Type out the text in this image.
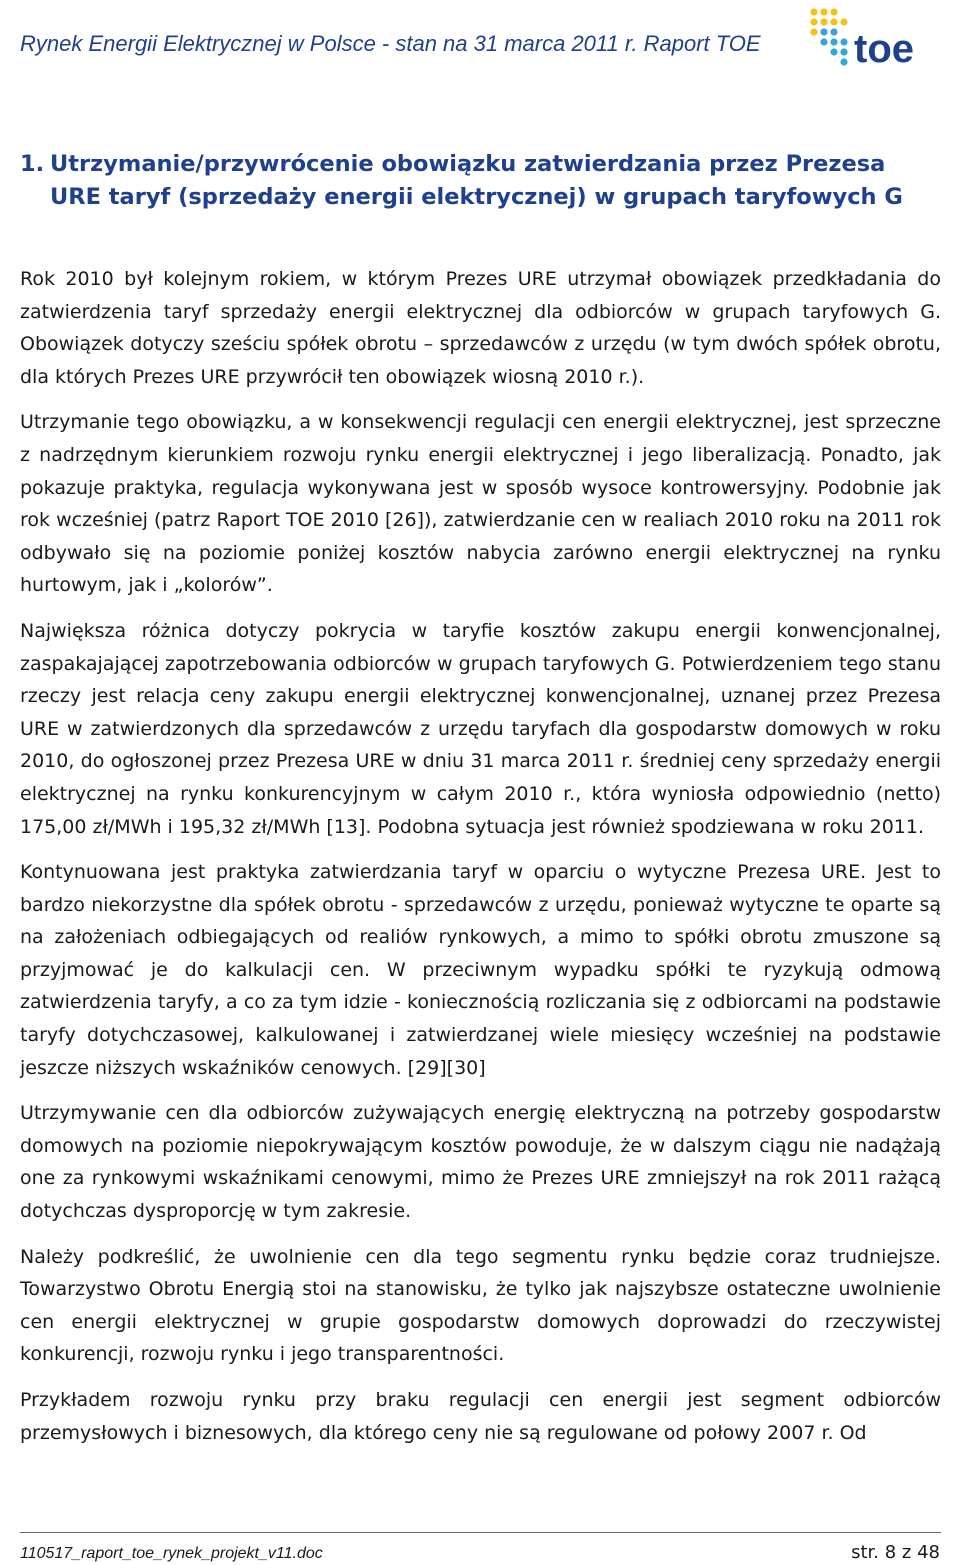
Rynek Energii Elektrycznej w Polsce - stan na 31 marca 2011 r. Raport TOE toe
1. Utrzymanie/przywrócenie obowiązku zatwierdzania przez Prezesa URE taryf (sprzedaży energii elektrycznej) w grupach taryfowych G

Rok 2010 był kolejnym rokiem, w którym Prezes URE utrzymał obowiązek przedkładania do zatwierdzenia taryf sprzedaży energii elektrycznej dla odbiorców w grupach taryfowych G. Obowiązek dotyczy sześciu spółek obrotu – sprzedawców z urzędu (w tym dwóch spółek obrotu, dla których Prezes URE przywrócił ten obowiązek wiosną 2010 r.).

Utrzymanie tego obowiązku, a w konsekwencji regulacji cen energii elektrycznej, jest sprzeczne z nadrzędnym kierunkiem rozwoju rynku energii elektrycznej i jego liberalizacją. Ponadto, jak pokazuje praktyka, regulacja wykonywana jest w sposób wysoce kontrowersyjny. Podobnie jak rok wcześniej (patrz Raport TOE 2010 [26]), zatwierdzanie cen w realiach 2010 roku na 2011 rok odbywało się na poziomie poniżej kosztów nabycia zarówno energii elektrycznej na rynku hurtowym, jak i „kolorów”.

Największa różnica dotyczy pokrycia w taryfie kosztów zakupu energii konwencjonalnej, zaspakajającej zapotrzebowania odbiorców w grupach taryfowych G. Potwierdzeniem tego stanu rzeczy jest relacja ceny zakupu energii elektrycznej konwencjonalnej, uznanej przez Prezesa URE w zatwierdzonych dla sprzedawców z urzędu taryfach dla gospodarstw domowych w roku 2010, do ogłoszonej przez Prezesa URE w dniu 31 marca 2011 r. średniej ceny sprzedaży energii elektrycznej na rynku konkurencyjnym w całym 2010 r., która wyniosła odpowiednio (netto) 175,00 zł/MWh i 195,32 zł/MWh [13]. Podobna sytuacja jest również spodziewana w roku 2011.

Kontynuowana jest praktyka zatwierdzania taryf w oparciu o wytyczne Prezesa URE. Jest to bardzo niekorzystne dla spółek obrotu - sprzedawców z urzędu, ponieważ wytyczne te oparte są na założeniach odbiegających od realiów rynkowych, a mimo to spółki obrotu zmuszone są przyjmować je do kalkulacji cen. W przeciwnym wypadku spółki te ryzykują odmową zatwierdzenia taryfy, a co za tym idzie - koniecznością rozliczania się z odbiorcami na podstawie taryfy dotychczasowej, kalkulowanej i zatwierdzanej wiele miesięcy wcześniej na podstawie jeszcze niższych wskaźników cenowych. [29][30]

Utrzymywanie cen dla odbiorców zużywających energię elektryczną na potrzeby gospodarstw domowych na poziomie niepokrywającym kosztów powoduje, że w dalszym ciągu nie nadążają one za rynkowymi wskaźnikami cenowymi, mimo że Prezes URE zmniejszył na rok 2011 rażącą dotychczas dysproporcję w tym zakresie.

Należy podkreślić, że uwolnienie cen dla tego segmentu rynku będzie coraz trudniejsze. Towarzystwo Obrotu Energią stoi na stanowisku, że tylko jak najszybsze ostateczne uwolnienie cen energii elektrycznej w grupie gospodarstw domowych doprowadzi do rzeczywistej konkurencji, rozwoju rynku i jego transparentności.

Przykładem rozwoju rynku przy braku regulacji cen energii jest segment odbiorców przemysłowych i biznesowych, dla którego ceny nie są regulowane od połowy 2007 r. Od

110517_raport_toe_rynek_projekt_v11.doc	str. 8 z 48
